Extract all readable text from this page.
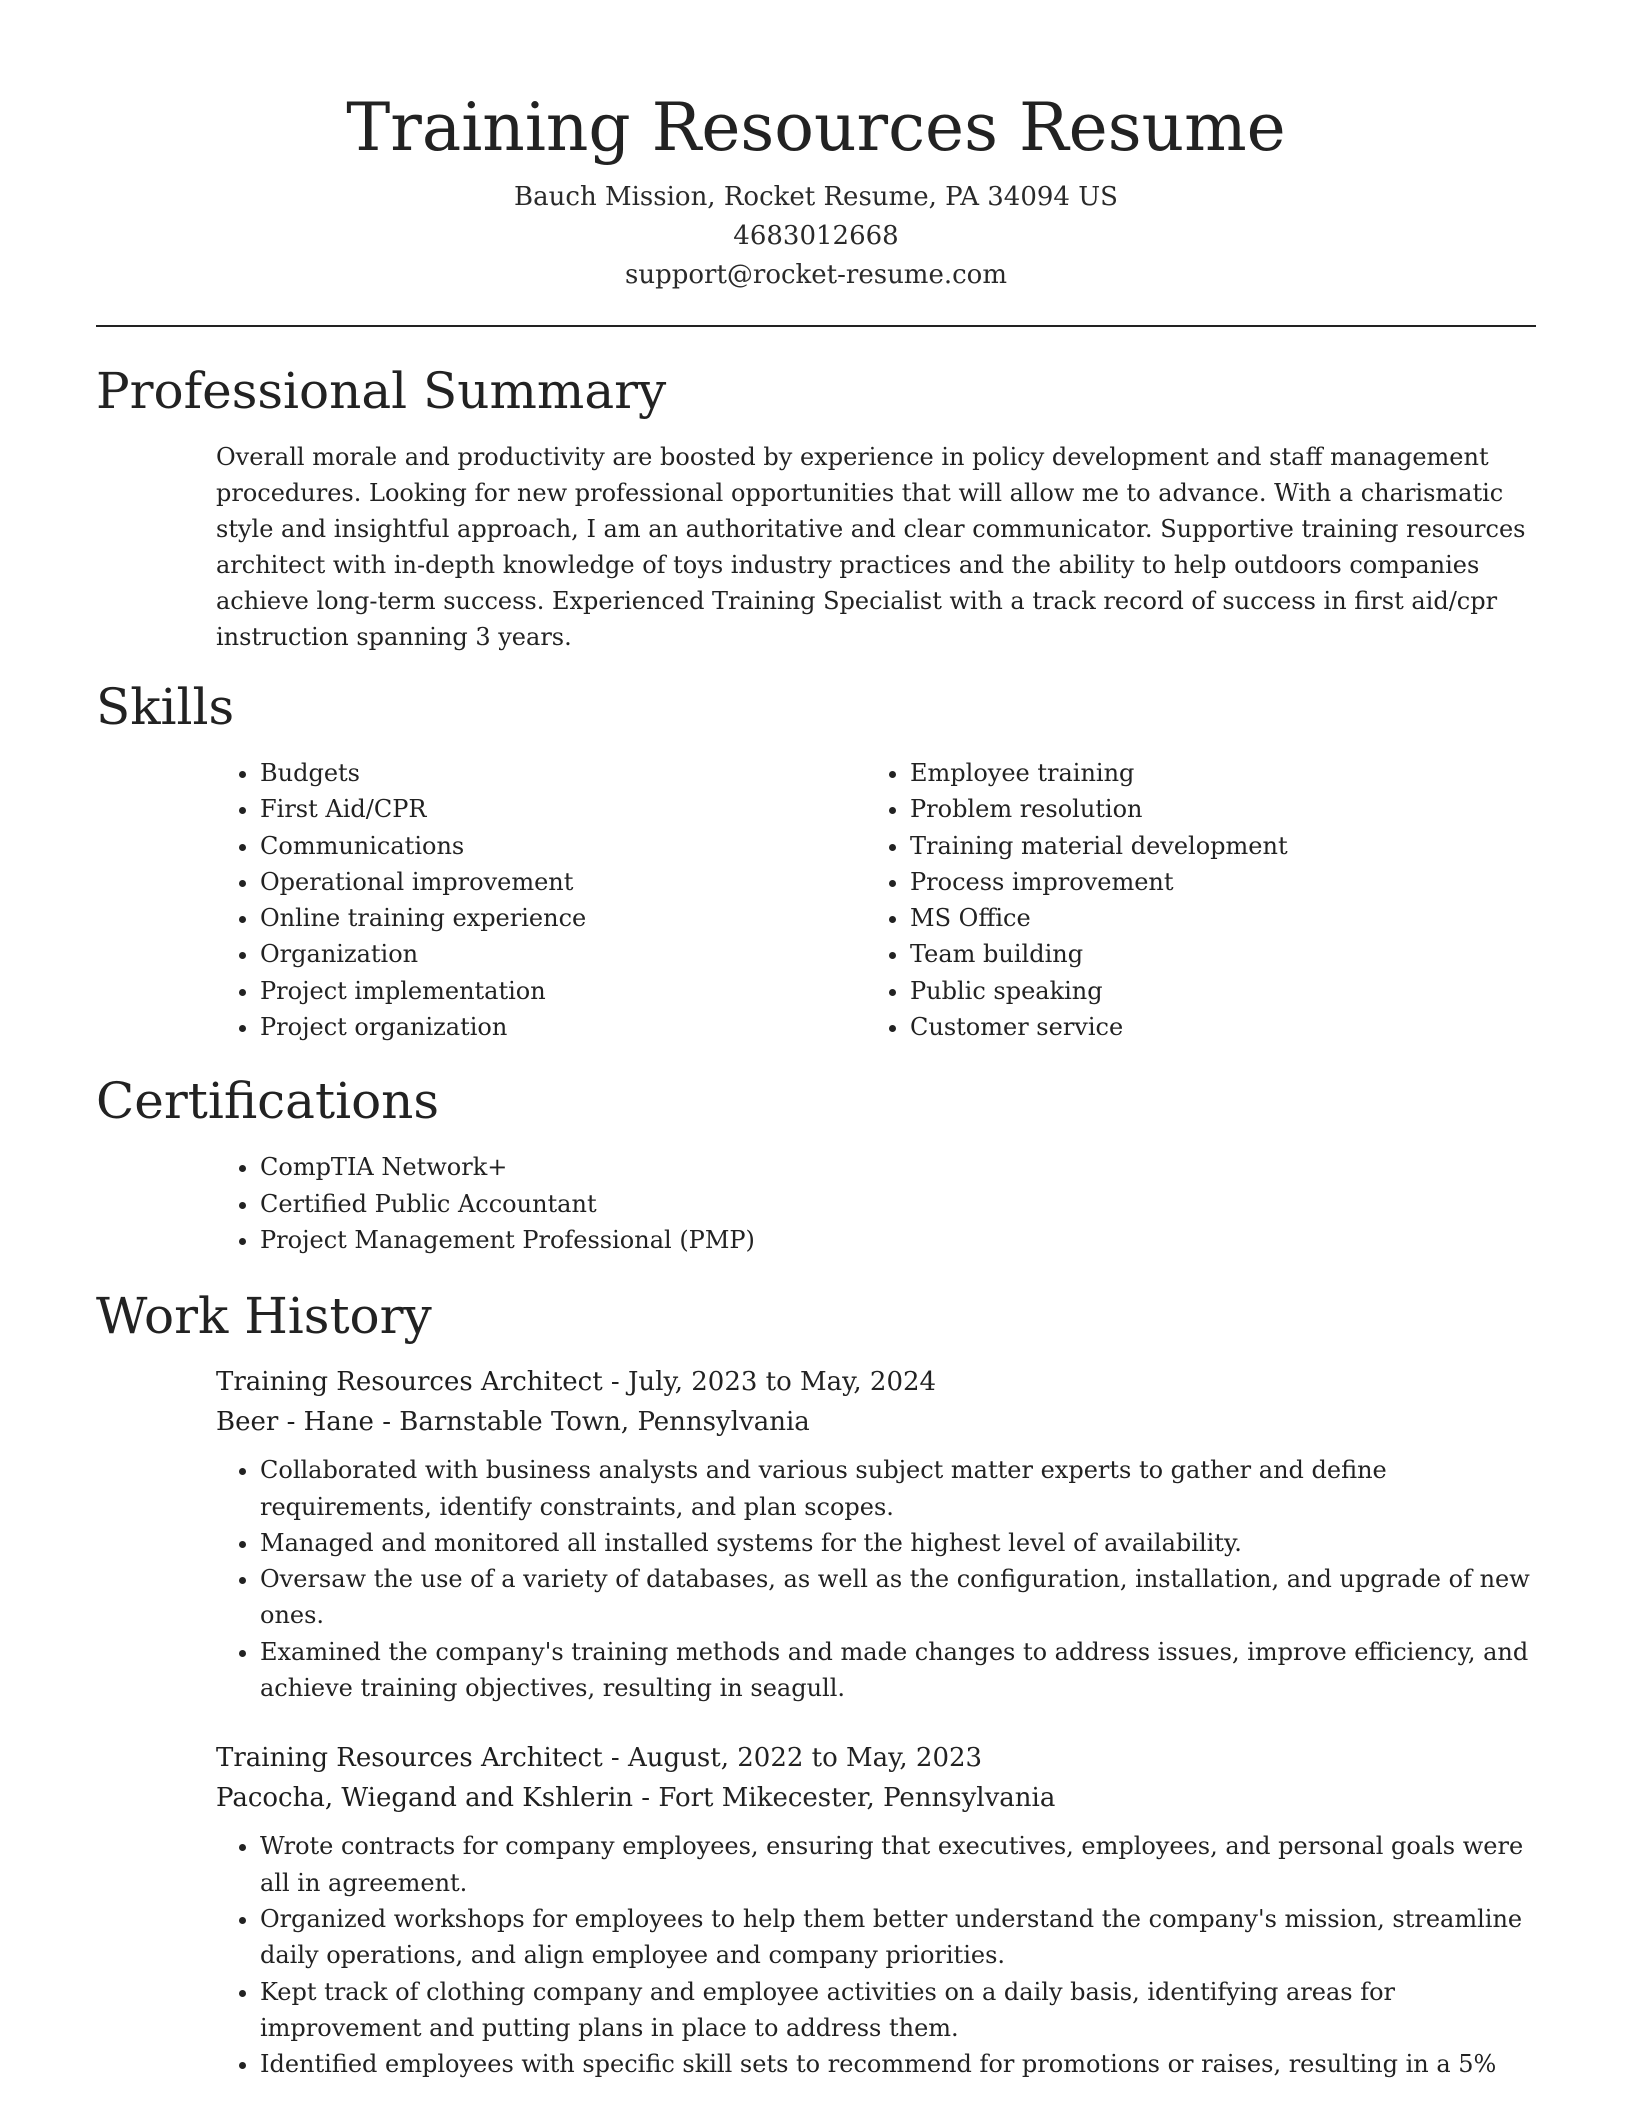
Training Resources Resume
Bauch Mission, Rocket Resume, PA 34094 US
4683012668
support@rocket-resume.com
Professional Summary

Overall morale and productivity are boosted by experience in policy development and staff management procedures. Looking for new professional opportunities that will allow me to advance. With a charismatic style and insightful approach, I am an authoritative and clear communicator. Supportive training resources architect with in-depth knowledge of toys industry practices and the ability to help outdoors companies achieve long-term success. Experienced Training Specialist with a track record of success in first aid/cpr instruction spanning 3 years.

Skills
• Budgets
• First Aid/CPR
• Communications
• Operational improvement
• Online training experience
• Organization
• Project implementation
• Project organization
• Employee training
• Problem resolution
• Training material development
• Process improvement
• MS Office
• Team building
• Public speaking
• Customer service
Certifications
• CompTIA Network+
• Certified Public Accountant
• Project Management Professional (PMP)
Work History
Training Resources Architect - July, 2023 to May, 2024
Beer - Hane - Barnstable Town, Pennsylvania
• Collaborated with business analysts and various subject matter experts to gather and define requirements, identify constraints, and plan scopes.
• Managed and monitored all installed systems for the highest level of availability.
• Oversaw the use of a variety of databases, as well as the configuration, installation, and upgrade of new ones.
• Examined the company's training methods and made changes to address issues, improve efficiency, and achieve training objectives, resulting in seagull.
Training Resources Architect - August, 2022 to May, 2023
Pacocha, Wiegand and Kshlerin - Fort Mikecester, Pennsylvania
• Wrote contracts for company employees, ensuring that executives, employees, and personal goals were all in agreement.
• Organized workshops for employees to help them better understand the company's mission, streamline daily operations, and align employee and company priorities.
• Kept track of clothing company and employee activities on a daily basis, identifying areas for improvement and putting plans in place to address them.
• Identified employees with specific skill sets to recommend for promotions or raises, resulting in a 5%
